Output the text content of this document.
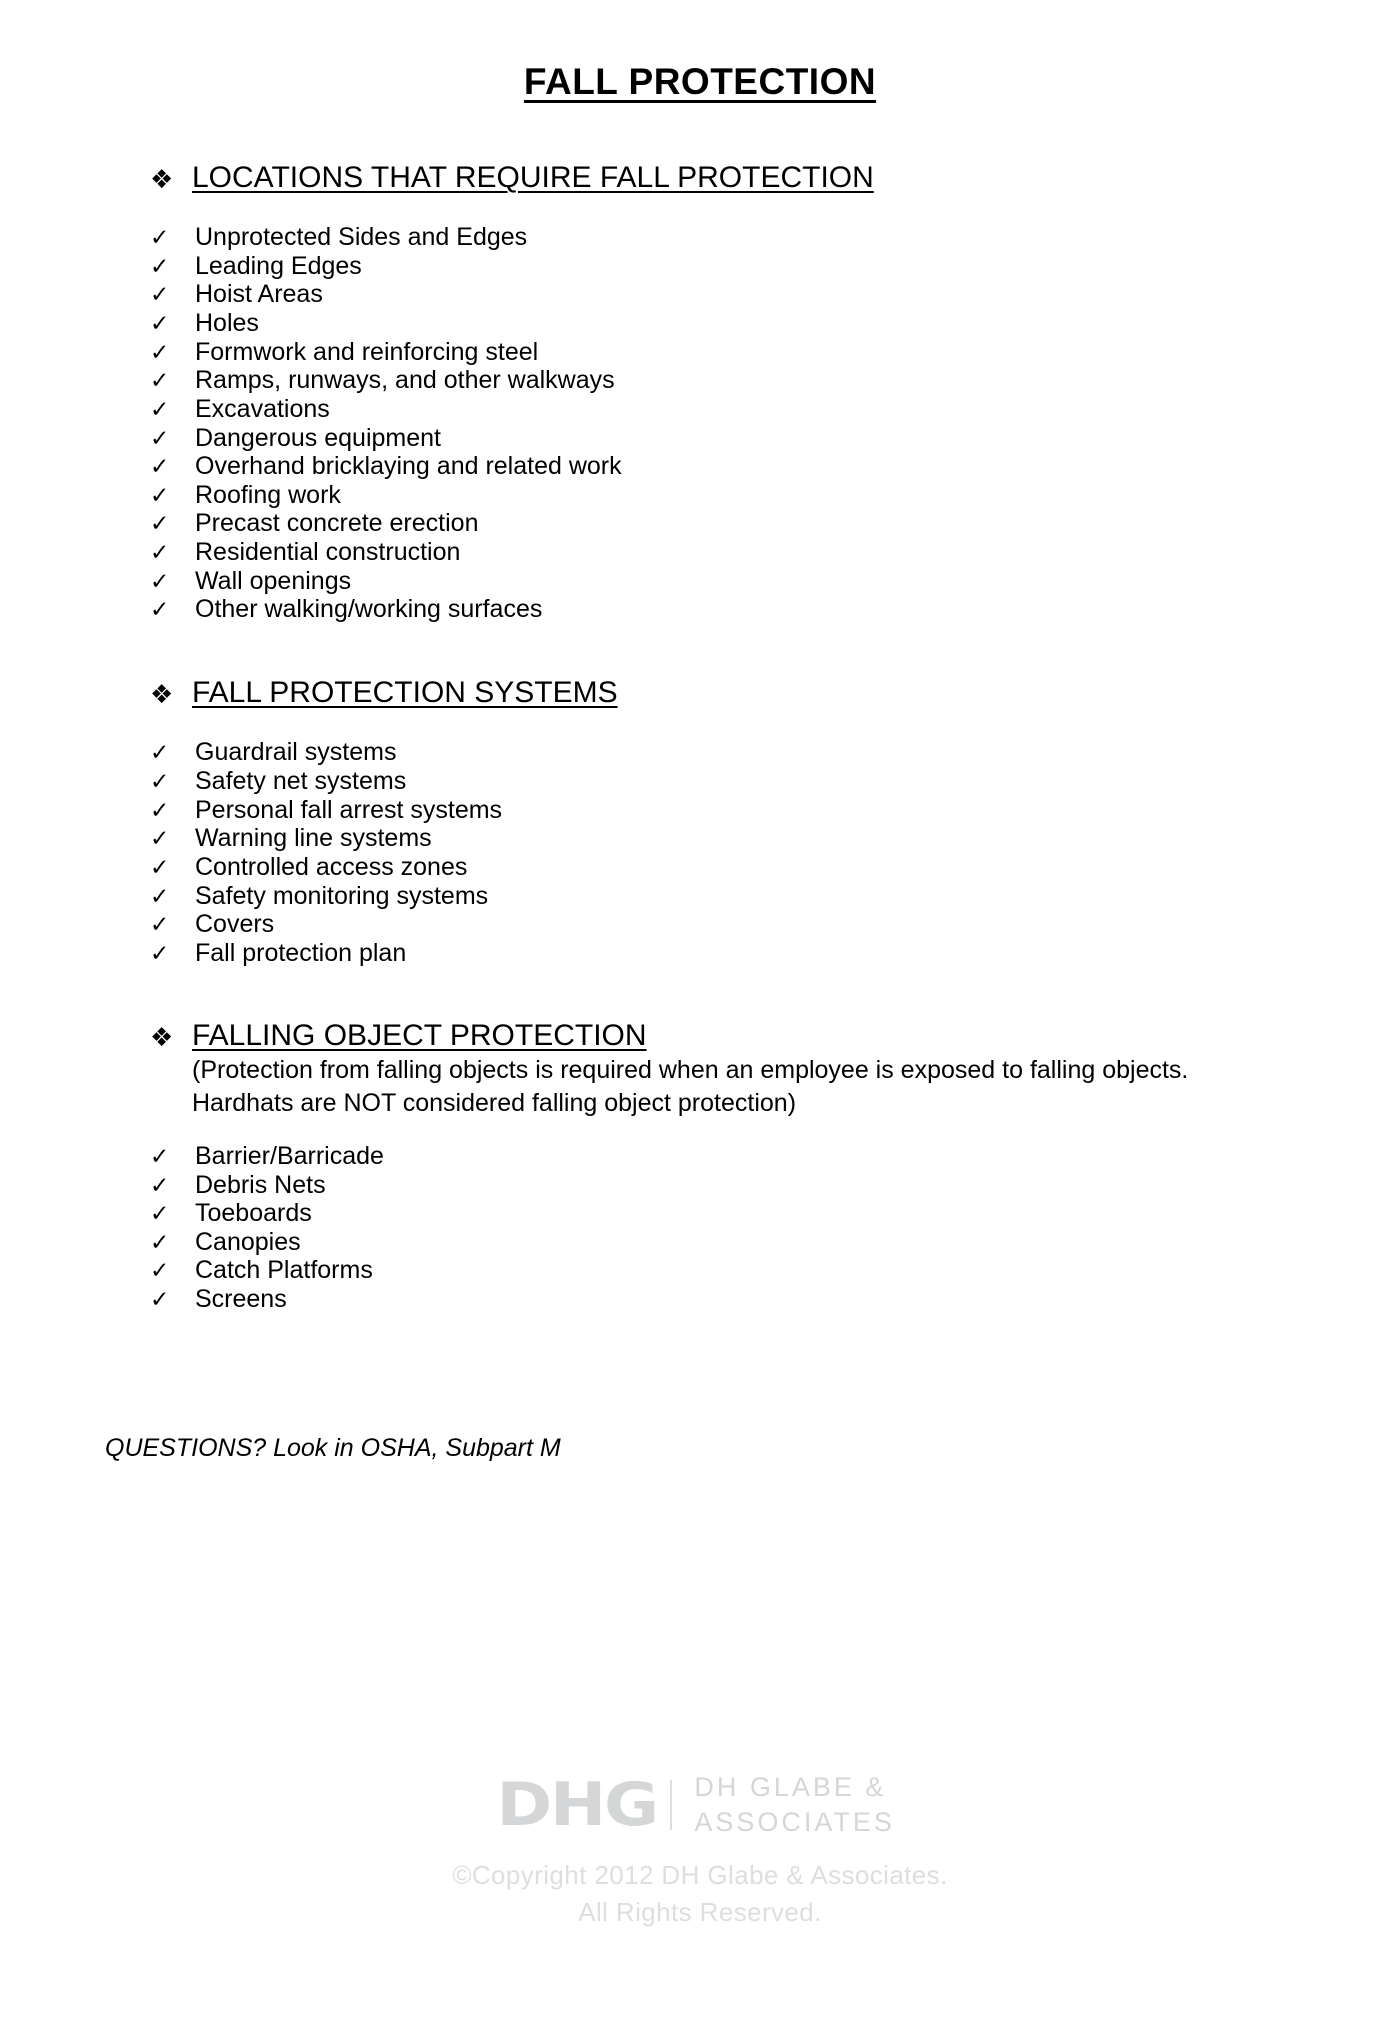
FALL PROTECTION
❖ LOCATIONS THAT REQUIRE FALL PROTECTION
✓	Unprotected Sides and Edges
✓	Leading Edges
✓	Hoist Areas
✓	Holes
✓	Formwork and reinforcing steel
✓	Ramps, runways, and other walkways
✓	Excavations
✓	Dangerous equipment
✓	Overhand bricklaying and related work
✓	Roofing work
✓	Precast concrete erection
✓	Residential construction
✓	Wall openings
✓	Other walking/working surfaces
❖ FALL PROTECTION SYSTEMS
✓	Guardrail systems
✓	Safety net systems
✓	Personal fall arrest systems
✓	Warning line systems
✓	Controlled access zones
✓	Safety monitoring systems
✓	Covers
✓	Fall protection plan
❖ FALLING OBJECT PROTECTION
(Protection from falling objects is required when an employee is exposed to falling objects. Hardhats are NOT considered falling object protection)
✓	Barrier/Barricade
✓	Debris Nets
✓	Toeboards
✓	Canopies
✓	Catch Platforms
✓	Screens
QUESTIONS? Look in OSHA, Subpart M
DHG DH GLABE &
ASSOCIATES
©Copyright 2012 DH Glabe & Associates.
All Rights Reserved.
